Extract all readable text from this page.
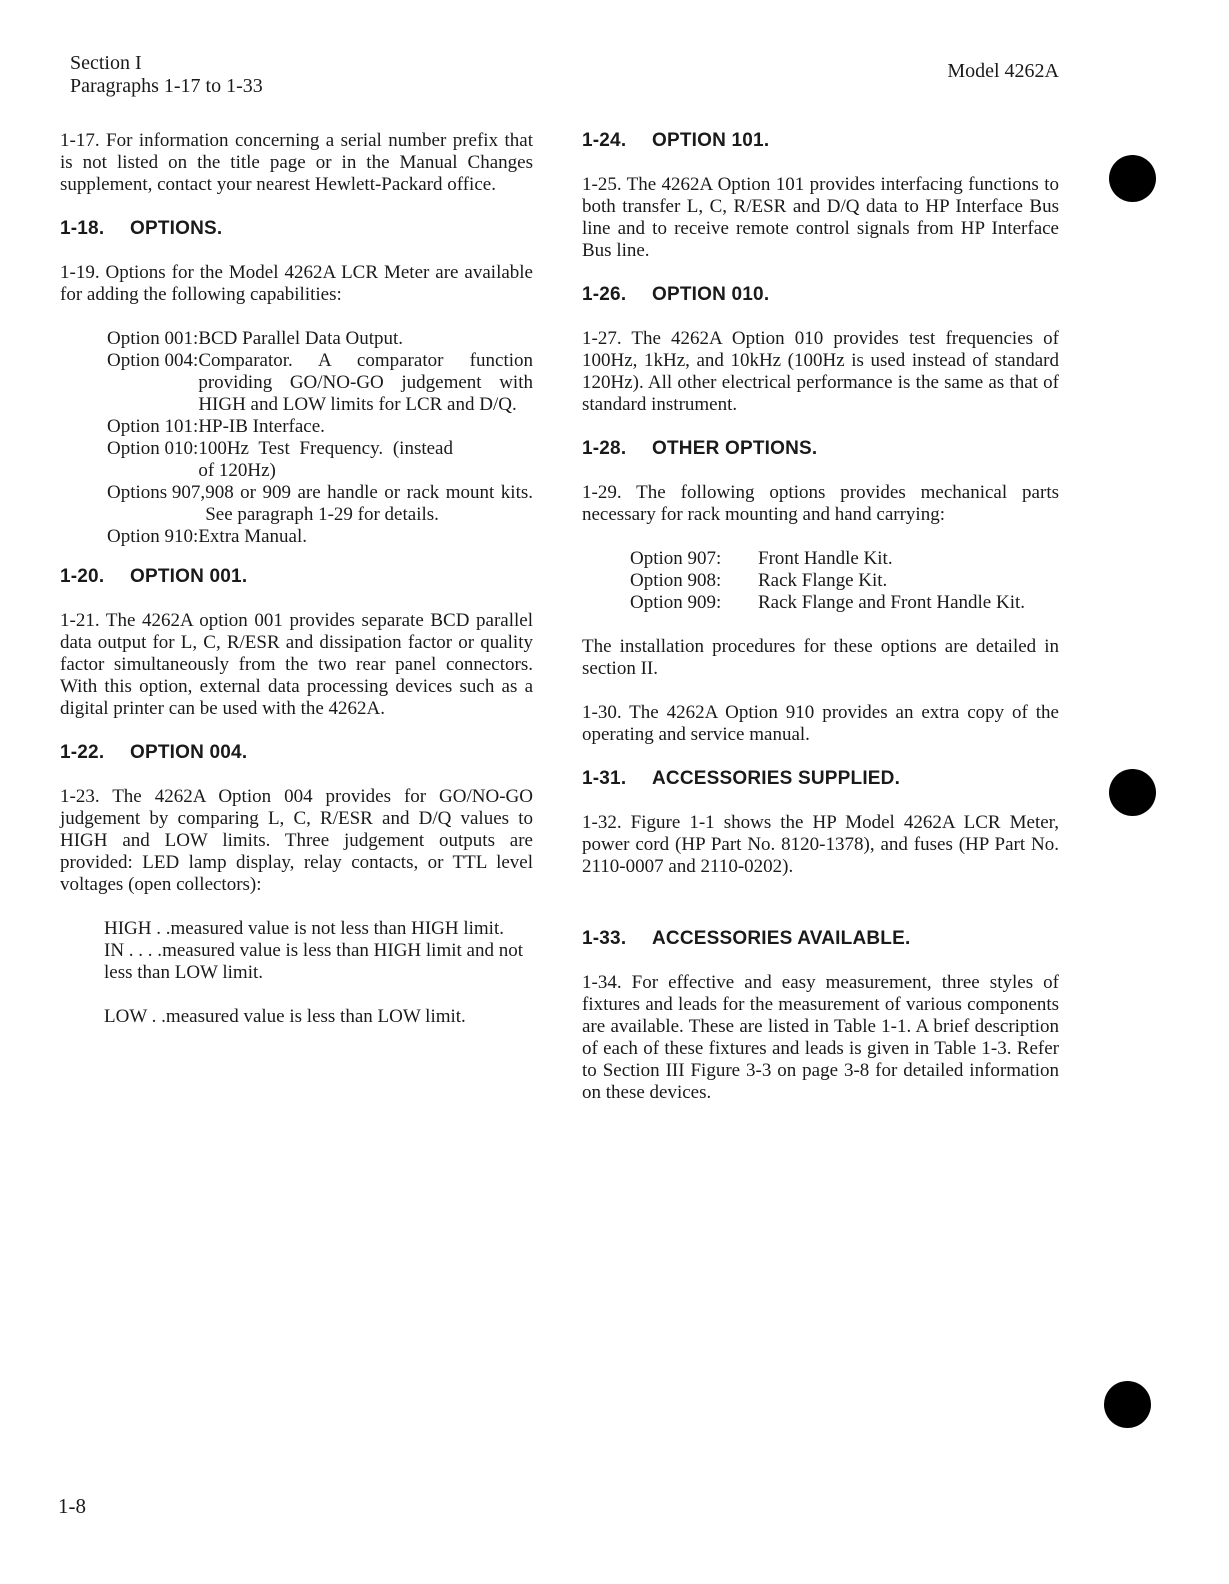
Section I
Paragraphs 1-17 to 1-33
Model 4262A

1-17. For information concerning a serial number prefix that is not listed on the title page or in the Manual Changes supplement, contact your nearest Hewlett-Packard office.

1-18. OPTIONS.

1-19. Options for the Model 4262A LCR Meter are available for adding the following capabilities:

Option 001: BCD Parallel Data Output.
Option 004: Comparator. A comparator function providing GO/NO-GO judgement with HIGH and LOW limits for LCR and D/Q.
Option 101: HP-IB Interface.
Option 010: 100Hz Test Frequency. (instead of 120Hz)
Options 907, 908 or 909 are handle or rack mount kits. See paragraph 1-29 for details.
Option 910: Extra Manual.
1-20. OPTION 001.

1-21. The 4262A option 001 provides separate BCD parallel data output for L, C, R/ESR and dissipation factor or quality factor simultaneously from the two rear panel connectors. With this option, external data processing devices such as a digital printer can be used with the 4262A.

1-22. OPTION 004.

1-23. The 4262A Option 004 provides for GO/NO-GO judgement by comparing L, C, R/ESR and D/Q values to HIGH and LOW limits. Three judgement outputs are provided: LED lamp display, relay contacts, or TTL level voltages (open collectors):

HIGH . .measured value is not less than HIGH limit.
IN . . . .measured value is less than HIGH limit and not less than LOW limit.
LOW . .measured value is less than LOW limit.
1-24. OPTION 101.

1-25. The 4262A Option 101 provides interfacing functions to both transfer L, C, R/ESR and D/Q data to HP Interface Bus line and to receive remote control signals from HP Interface Bus line.

1-26. OPTION 010.

1-27. The 4262A Option 010 provides test frequencies of 100Hz, 1kHz, and 10kHz (100Hz is used instead of standard 120Hz). All other electrical performance is the same as that of standard instrument.

1-28. OTHER OPTIONS.

1-29. The following options provides mechanical parts necessary for rack mounting and hand carrying:

Option 907:	Front Handle Kit.
Option 908:	Rack Flange Kit.
Option 909:	Rack Flange and Front Handle Kit.

The installation procedures for these options are detailed in section II.

1-30. The 4262A Option 910 provides an extra copy of the operating and service manual.

1-31. ACCESSORIES SUPPLIED.

1-32. Figure 1-1 shows the HP Model 4262A LCR Meter, power cord (HP Part No. 8120-1378), and fuses (HP Part No. 2110-0007 and 2110-0202).

1-33. ACCESSORIES AVAILABLE.

1-34. For effective and easy measurement, three styles of fixtures and leads for the measurement of various components are available. These are listed in Table 1-1. A brief description of each of these fixtures and leads is given in Table 1-3. Refer to Section III Figure 3-3 on page 3-8 for detailed information on these devices.

1-8
